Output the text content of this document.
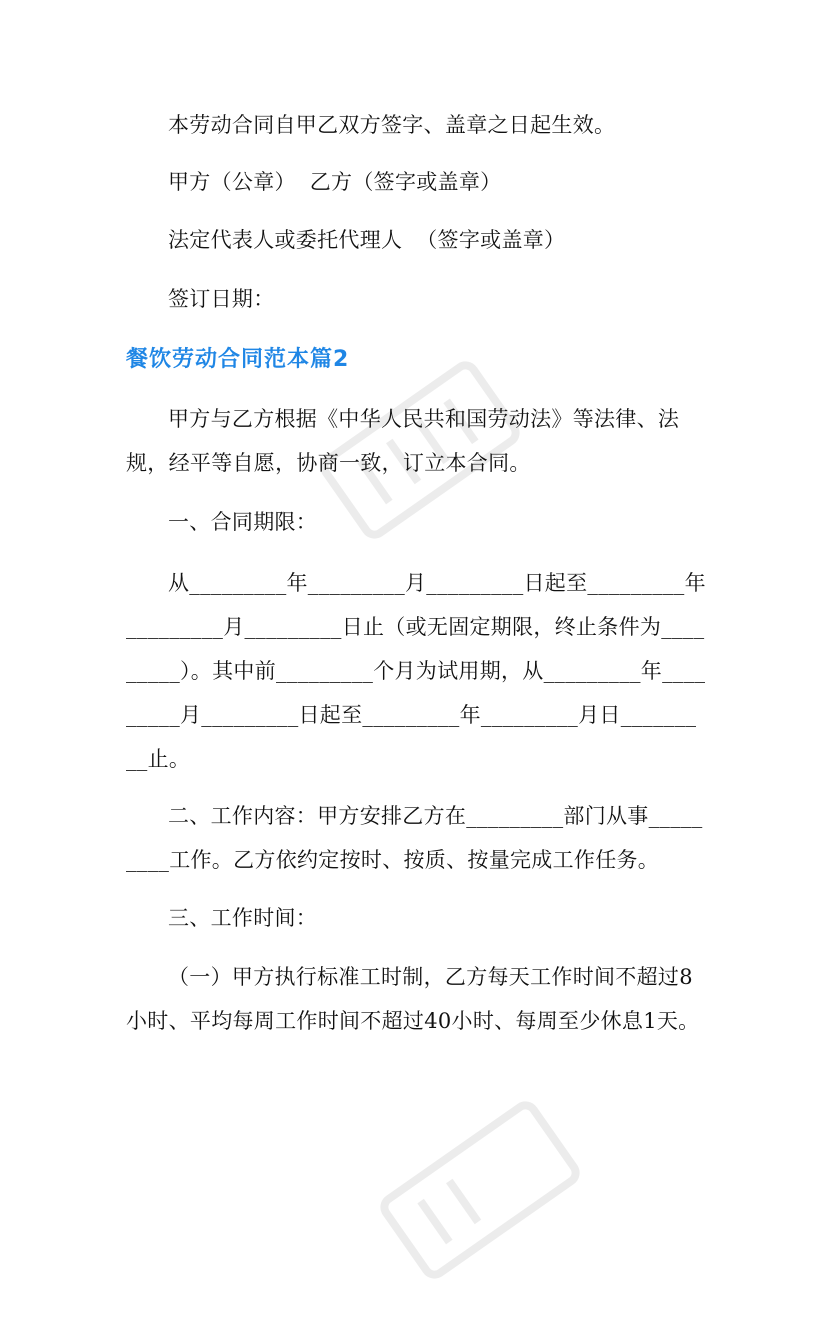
本劳动合同自甲乙双方签字、盖章之日起生效。

甲方（公章）  乙方（签字或盖章）

法定代表人或委托代理人  （签字或盖章）

签订日期：

餐饮劳动合同范本篇2

甲方与乙方根据《中华人民共和国劳动法》等法律、法规，经平等自愿，协商一致，订立本合同。

一、合同期限：

从_________年_________月_________日起至_________年_________月_________日止（或无固定期限，终止条件为_________）。其中前_________个月为试用期，从_________年_________月_________日起至_________年_________月日_________止。

二、工作内容：甲方安排乙方在_________部门从事_________工作。乙方依约定按时、按质、按量完成工作任务。

三、工作时间：

（一）甲方执行标准工时制，乙方每天工作时间不超过8小时、平均每周工作时间不超过40小时、每周至少休息1天。
